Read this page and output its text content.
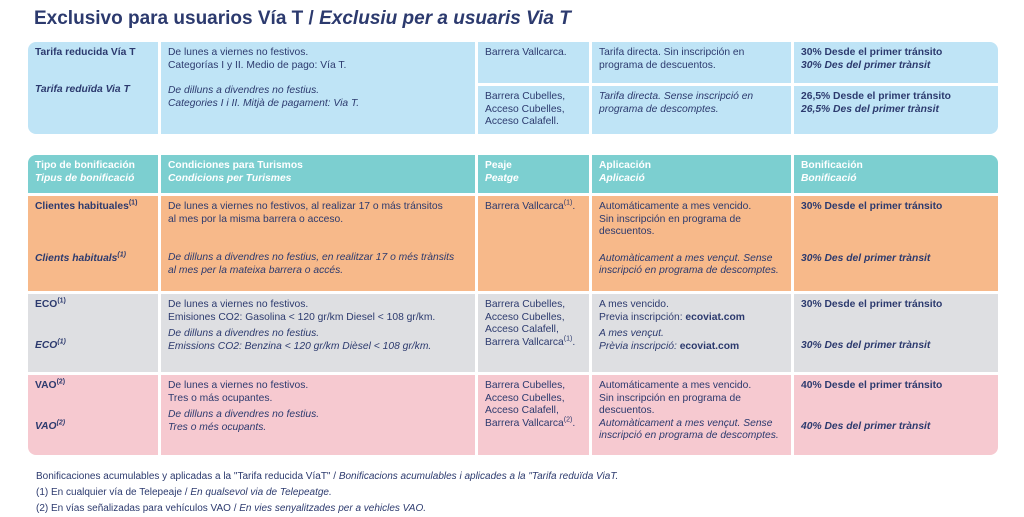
Exclusivo para usuarios Vía T / Exclusiu per a usuaris Via T
Tarifa reducida Vía T
Tarifa reduïda Via T
De lunes a viernes no festivos.
Categorías I y II. Medio de pago: Vía T.
De dilluns a divendres no festius.
Categories I i II. Mitjà de pagament: Via T.
Barrera Vallcarca.
Barrera Cubelles,
Acceso Cubelles,
Acceso Calafell.
Tarifa directa. Sin inscripción en
programa de descuentos.
Tarifa directa. Sense inscripció en
programa de descomptes.
30% Desde el primer tránsito
30% Des del primer trànsit
26,5% Desde el primer tránsito
26,5% Des del primer trànsit
Tipo de bonificación
Tipus de bonificació
Condiciones para Turismos
Condicions per Turismes
Peaje
Peatge
Aplicación
Aplicació
Bonificación
Bonificació
Clientes habituales$^{(1)}$
Clients habituals$^{(1)}$
De lunes a viernes no festivos, al realizar 17 o más tránsitos
al mes por la misma barrera o acceso.
De dilluns a divendres no festius, en realitzar 17 o més trànsits
al mes per la mateixa barrera o accés.
Barrera Vallcarca$^{(1)}$.	Automáticamente a mes vencido.
Sin inscripción en programa de
descuentos.
Automàticament a mes vençut. Sense
inscripció en programa de descomptes.
30% Desde el primer tránsito
30% Des del primer trànsit
ECO$^{(1)}$
ECO$^{(1)}$
De lunes a viernes no festivos.
Emisiones CO2: Gasolina < 120 gr/km Diesel < 108 gr/km.
De dilluns a divendres no festius.
Emissions CO2: Benzina < 120 gr/km Dièsel < 108 gr/km.
Barrera Cubelles,
Acceso Cubelles,
Acceso Calafell,
Barrera Vallcarca$^{(1)}$.
A mes vencido.
Previa inscripción: ecoviat.com
A mes vençut.
Prèvia inscripció: ecoviat.com
30% Desde el primer tránsito
30% Des del primer trànsit
VAO$^{(2)}$
VAO$^{(2)}$
De lunes a viernes no festivos.
Tres o más ocupantes.
De dilluns a divendres no festius.
Tres o més ocupants.
Barrera Cubelles,
Acceso Cubelles,
Acceso Calafell,
Barrera Vallcarca$^{(2)}$.
Automáticamente a mes vencido.
Sin inscripción en programa de
descuentos.
Automàticament a mes vençut. Sense
inscripció en programa de descomptes.
40% Desde el primer tránsito
40% Des del primer trànsit
Bonificaciones acumulables y aplicadas a la "Tarifa reducida VíaT" / Bonificacions acumulables i aplicades a la "Tarifa reduïda ViaT.
(1) En cualquier vía de Telepeaje / En qualsevol via de Telepeatge.
(2) En vías señalizadas para vehículos VAO / En vies senyalitzades per a vehicles VAO.
